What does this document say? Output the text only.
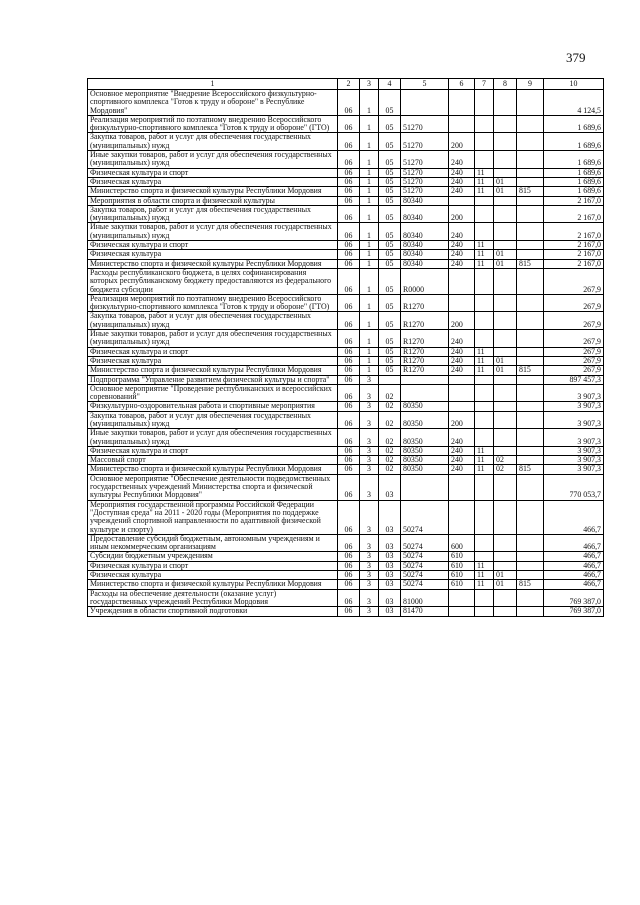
379
1	2	3	4	5	6	7	8	9	10
Основное мероприятие "Внедрение Всероссийского физкультурно-спортивного комплекса "Готов к труду и обороне" в Республике Мордовия"	06	1	05						4 124,5
Реализация мероприятий по поэтапному внедрению Всероссийского физкультурно-спортивного комплекса "Готов к труду и обороне" (ГТО)	06	1	05	51270					1 689,6
Закупка товаров, работ и услуг для обеспечения государственных (муниципальных) нужд	06	1	05	51270	200				1 689,6
Иные закупки товаров, работ и услуг для обеспечения государственных (муниципальных) нужд	06	1	05	51270	240				1 689,6
Физическая культура и спорт	06	1	05	51270	240	11			1 689,6
Физическая культура	06	1	05	51270	240	11	01		1 689,6
Министерство спорта и физической культуры Республики Мордовия	06	1	05	51270	240	11	01	815	1 689,6
Мероприятия в области спорта и физической культуры	06	1	05	80340					2 167,0
Закупка товаров, работ и услуг для обеспечения государственных (муниципальных) нужд	06	1	05	80340	200				2 167,0
Иные закупки товаров, работ и услуг для обеспечения государственных (муниципальных) нужд	06	1	05	80340	240				2 167,0
Физическая культура и спорт	06	1	05	80340	240	11			2 167,0
Физическая культура	06	1	05	80340	240	11	01		2 167,0
Министерство спорта и физической культуры Республики Мордовия	06	1	05	80340	240	11	01	815	2 167,0
Расходы республиканского бюджета, в целях софинансирования которых республиканскому бюджету предоставляются из федерального бюджета субсидии	06	1	05	R0000					267,9
Реализация мероприятий по поэтапному внедрению Всероссийского физкультурно-спортивного комплекса "Готов к труду и обороне" (ГТО)	06	1	05	R1270					267,9
Закупка товаров, работ и услуг для обеспечения государственных (муниципальных) нужд	06	1	05	R1270	200				267,9
Иные закупки товаров, работ и услуг для обеспечения государственных (муниципальных) нужд	06	1	05	R1270	240				267,9
Физическая культура и спорт	06	1	05	R1270	240	11			267,9
Физическая культура	06	1	05	R1270	240	11	01		267,9
Министерство спорта и физической культуры Республики Мордовия	06	1	05	R1270	240	11	01	815	267,9
Подпрограмма "Управление развитием физической культуры и спорта"	06	3							897 457,3
Основное мероприятие "Проведение республиканских и всероссийских соревнований"	06	3	02						3 907,3
Физкультурно-оздоровительная работа и спортивные мероприятия	06	3	02	80350					3 907,3
Закупка товаров, работ и услуг для обеспечения государственных (муниципальных) нужд	06	3	02	80350	200				3 907,3
Иные закупки товаров, работ и услуг для обеспечения государственных (муниципальных) нужд	06	3	02	80350	240				3 907,3
Физическая культура и спорт	06	3	02	80350	240	11			3 907,3
Массовый спорт	06	3	02	80350	240	11	02		3 907,3
Министерство спорта и физической культуры Республики Мордовия	06	3	02	80350	240	11	02	815	3 907,3
Основное мероприятие "Обеспечение деятельности подведомственных государственных учреждений Министерства спорта и физической культуры Республики Мордовия"	06	3	03						770 053,7
Мероприятия государственной программы Российской Федерации "Доступная среда" на 2011 - 2020 годы (Мероприятия по поддержке учреждений спортивной направленности по адаптивной физической культуре и спорту)	06	3	03	50274					466,7
Предоставление субсидий бюджетным, автономным учреждениям и иным некоммерческим организациям	06	3	03	50274	600				466,7
Субсидии бюджетным учреждениям	06	3	03	50274	610				466,7
Физическая культура и спорт	06	3	03	50274	610	11			466,7
Физическая культура	06	3	03	50274	610	11	01		466,7
Министерство спорта и физической культуры Республики Мордовия	06	3	03	50274	610	11	01	815	466,7
Расходы на обеспечение деятельности (оказание услуг) государственных учреждений Республики Мордовия	06	3	03	81000					769 387,0
Учреждения в области спортивной подготовки	06	3	03	81470					769 387,0
